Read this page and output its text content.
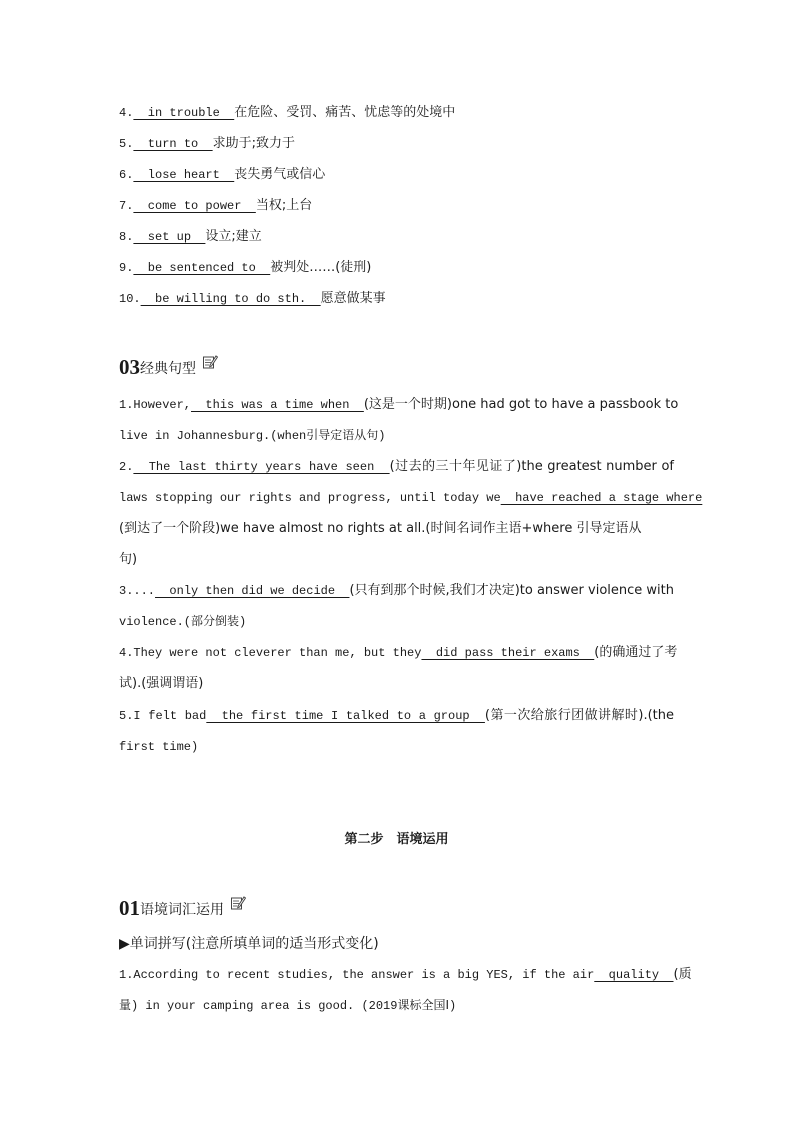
4.  in trouble  在危险、受罚、痛苦、忧虑等的处境中
5.  turn to  求助于;致力于
6.  lose heart  丧失勇气或信心
7.  come to power  当权;上台
8.  set up  设立;建立
9.  be sentenced to  被判处……(徒刑)
10.  be willing to do sth.  愿意做某事
03经典句型
1.However,  this was a time when  (这是一个时期)one had got to have a passbook to
live in Johannesburg.(when引导定语从句)
2.  The last thirty years have seen  (过去的三十年见证了)the greatest number of
laws stopping our rights and progress, until today we  have reached a stage where
(到达了一个阶段)we have almost no rights at all.(时间名词作主语+where 引导定语从
句)
3....  only then did we decide  (只有到那个时候,我们才决定)to answer violence with
violence.(部分倒装)
4.They were not cleverer than me, but they  did pass their exams  (的确通过了考
试).(强调谓语)
5.I felt bad  the first time I talked to a group  (第一次给旅行团做讲解时).(the
first time)
第二步　语境运用
01语境词汇运用
▶单词拼写(注意所填单词的适当形式变化)
1.According to recent studies, the answer is a big YES, if the air  quality  (质
量) in your camping area is good. (2019课标全国Ⅰ)
